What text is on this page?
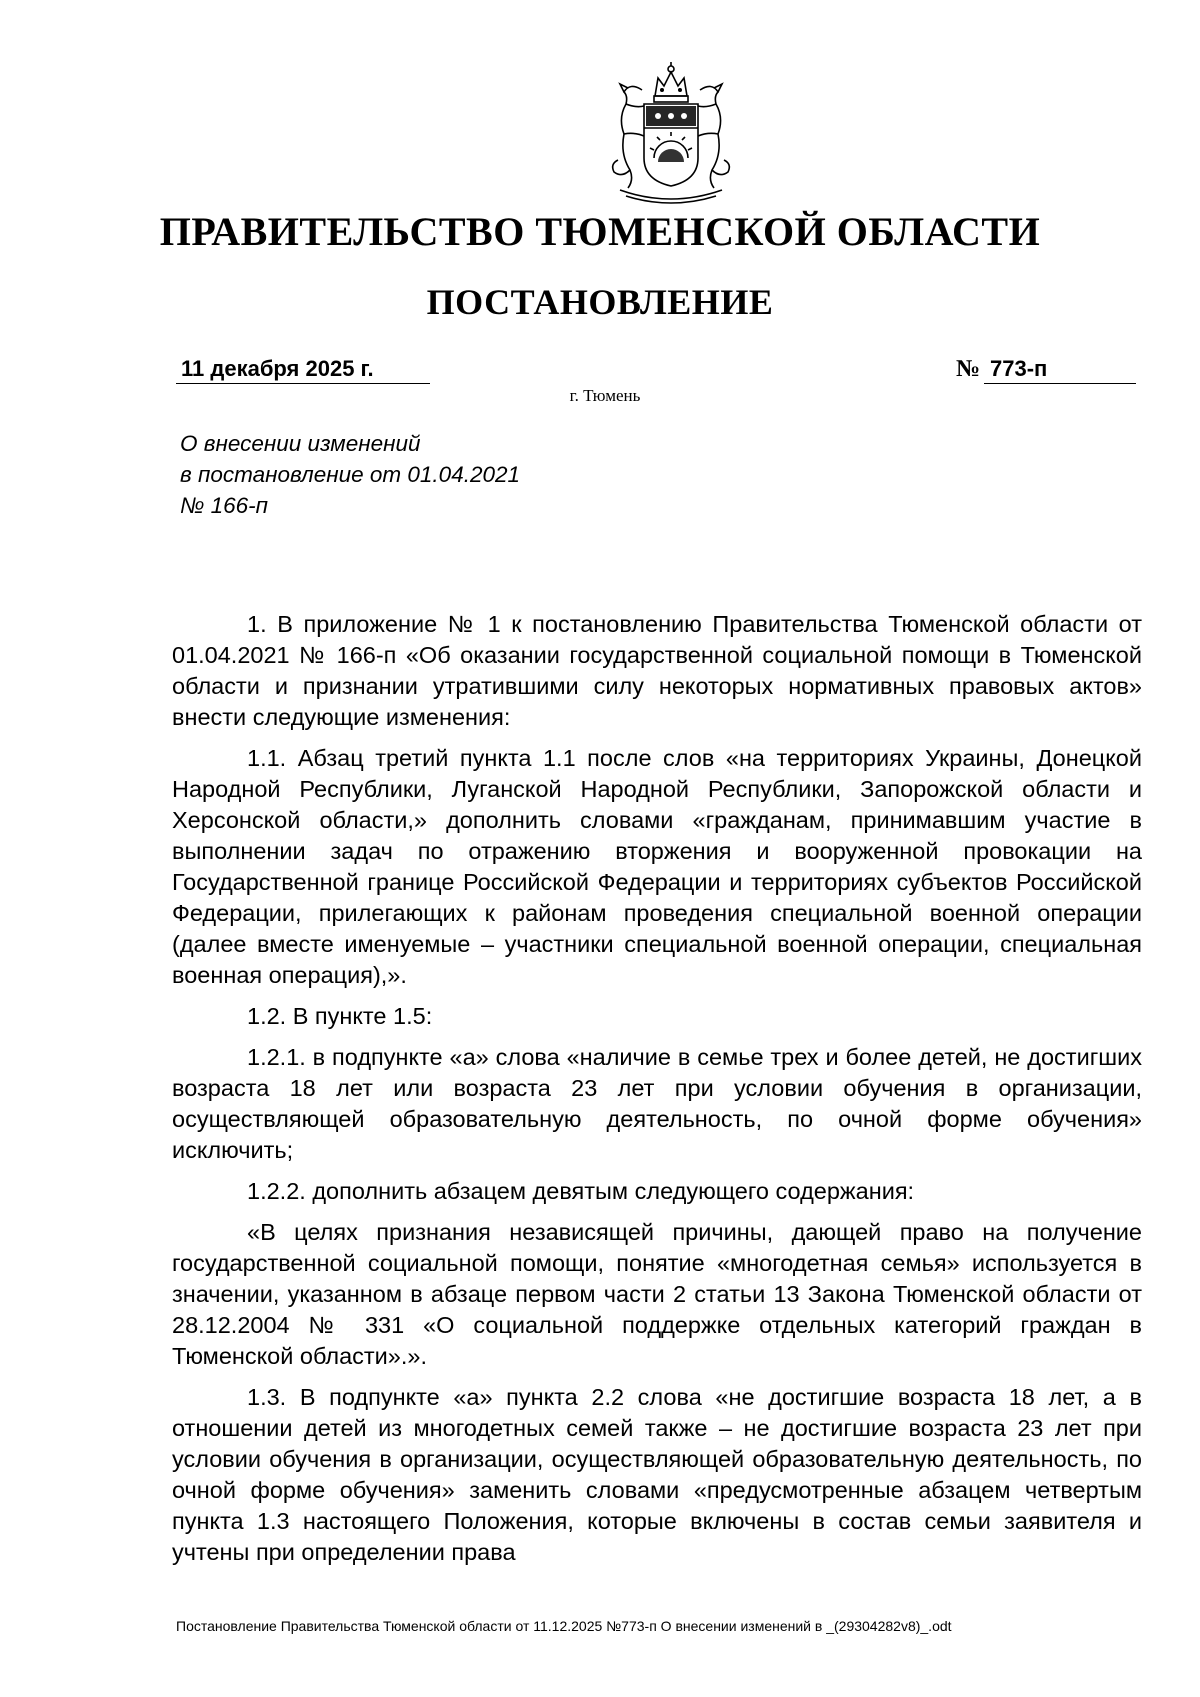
ПРАВИТЕЛЬСТВО ТЮМЕНСКОЙ ОБЛАСТИ
ПОСТАНОВЛЕНИЕ
11 декабря 2025 г.	№ 773-п
г. Тюмень
О внесении изменений
в постановление от 01.04.2021
№ 166-п

1. В приложение № 1 к постановлению Правительства Тюменской области от 01.04.2021 № 166-п «Об оказании государственной социальной помощи в Тюменской области и признании утратившими силу некоторых нормативных правовых актов» внести следующие изменения:

1.1. Абзац третий пункта 1.1 после слов «на территориях Украины, Донецкой Народной Республики, Луганской Народной Республики, Запорожской области и Херсонской области,» дополнить словами «гражданам, принимавшим участие в выполнении задач по отражению вторжения и вооруженной провокации на Государственной границе Российской Федерации и территориях субъектов Российской Федерации, прилегающих к районам проведения специальной военной операции (далее вместе именуемые – участники специальной военной операции, специальная военная операция),».

1.2. В пункте 1.5:

1.2.1. в подпункте «а» слова «наличие в семье трех и более детей, не достигших возраста 18 лет или возраста 23 лет при условии обучения в организации, осуществляющей образовательную деятельность, по очной форме обучения» исключить;

1.2.2. дополнить абзацем девятым следующего содержания:

«В целях признания независящей причины, дающей право на получение государственной социальной помощи, понятие «многодетная семья» используется в значении, указанном в абзаце первом части 2 статьи 13 Закона Тюменской области от 28.12.2004 № 331 «О социальной поддержке отдельных категорий граждан в Тюменской области».».

1.3. В подпункте «а» пункта 2.2 слова «не достигшие возраста 18 лет, а в отношении детей из многодетных семей также – не достигшие возраста 23 лет при условии обучения в организации, осуществляющей образовательную деятельность, по очной форме обучения» заменить словами «предусмотренные абзацем четвертым пункта 1.3 настоящего Положения, которые включены в состав семьи заявителя и учтены при определении права

Постановление Правительства Тюменской области от 11.12.2025 №773-п О внесении изменений в _(29304282v8)_.odt
